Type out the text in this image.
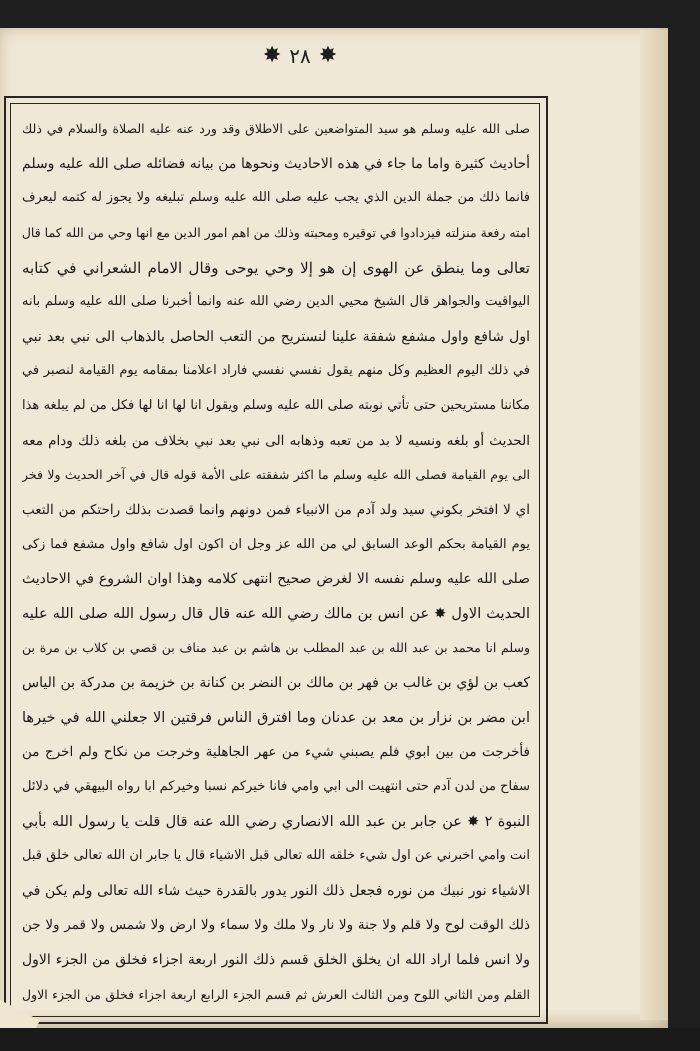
✸ ٢٨ ✸
صلى الله عليه وسلم هو سيد المتواضعين على الاطلاق وقد ورد عنه عليه الصلاة والسلام في ذلك
أحاديث كثيرة واما ما جاء في هذه الاحاديث ونحوها من بيانه فضائله صلى الله عليه وسلم
فانما ذلك من جملة الدين الذي يجب عليه صلى الله عليه وسلم تبليغه ولا يجوز له كتمه ليعرف
امته رفعة منزلته فيزدادوا في توقيره ومحبته وذلك من اهم امور الدين مع انها وحي من الله كما قال
تعالى وما ينطق عن الهوى إن هو إلا وحي يوحى وقال الامام الشعراني في كتابه
اليواقيت والجواهر قال الشيخ محيي الدين رضي الله عنه وانما أخبرنا صلى الله عليه وسلم بانه
اول شافع واول مشفع شفقة علينا لنستريح من التعب الحاصل بالذهاب الى نبي بعد نبي
في ذلك اليوم العظيم وكل منهم يقول نفسي نفسي فاراد اعلامنا بمقامه يوم القيامة لنصبر في
مكاننا مستريحين حتى تأتي نوبته صلى الله عليه وسلم ويقول انا لها انا لها فكل من لم يبلغه هذا
الحديث أو بلغه ونسيه لا بد من تعبه وذهابه الى نبي بعد نبي بخلاف من بلغه ذلك ودام معه
الى يوم القيامة فصلى الله عليه وسلم ما اكثر شفقته على الأمة قوله قال في آخر الحديث ولا فخر
اي لا افتخر بكوني سيد ولد آدم من الانبياء فمن دونهم وانما قصدت بذلك راحتكم من التعب
يوم القيامة بحكم الوعد السابق لي من الله عز وجل ان اكون اول شافع واول مشفع فما زكى
صلى الله عليه وسلم نفسه الا لغرض صحيح انتهى كلامه وهذا اوان الشروع في الاحاديث
الحديث الاول ✸ عن انس بن مالك رضي الله عنه قال قال رسول الله صلى الله عليه
وسلم انا محمد بن عبد الله بن عبد المطلب بن هاشم بن عبد مناف بن قصي بن كلاب بن مرة بن
كعب بن لؤي بن غالب بن فهر بن مالك بن النضر بن كنانة بن خزيمة بن مدركة بن الياس
ابن مضر بن نزار بن معد بن عدنان وما افترق الناس فرقتين الا جعلني الله في خيرها
فأخرجت من بين ابوي فلم يصبني شيء من عهر الجاهلية وخرجت من نكاح ولم اخرج من
سفاح من لدن آدم حتى انتهيت الى ابي وامي فانا خيركم نسبا وخيركم ابا رواه البيهقي في دلائل
النبوة ٢ ✸ عن جابر بن عبد الله الانصاري رضي الله عنه قال قلت يا رسول الله بأبي
انت وامي اخبرني عن اول شيء خلقه الله تعالى قبل الاشياء قال يا جابر ان الله تعالى خلق قبل
الاشياء نور نبيك من نوره فجعل ذلك النور يدور بالقدرة حيث شاء الله تعالى ولم يكن في
ذلك الوقت لوح ولا قلم ولا جنة ولا نار ولا ملك ولا سماء ولا ارض ولا شمس ولا قمر ولا جن
ولا انس فلما اراد الله ان يخلق الخلق قسم ذلك النور اربعة اجزاء فخلق من الجزء الاول
القلم ومن الثاني اللوح ومن الثالث العرش ثم قسم الجزء الرابع اربعة اجزاء فخلق من الجزء الاول
